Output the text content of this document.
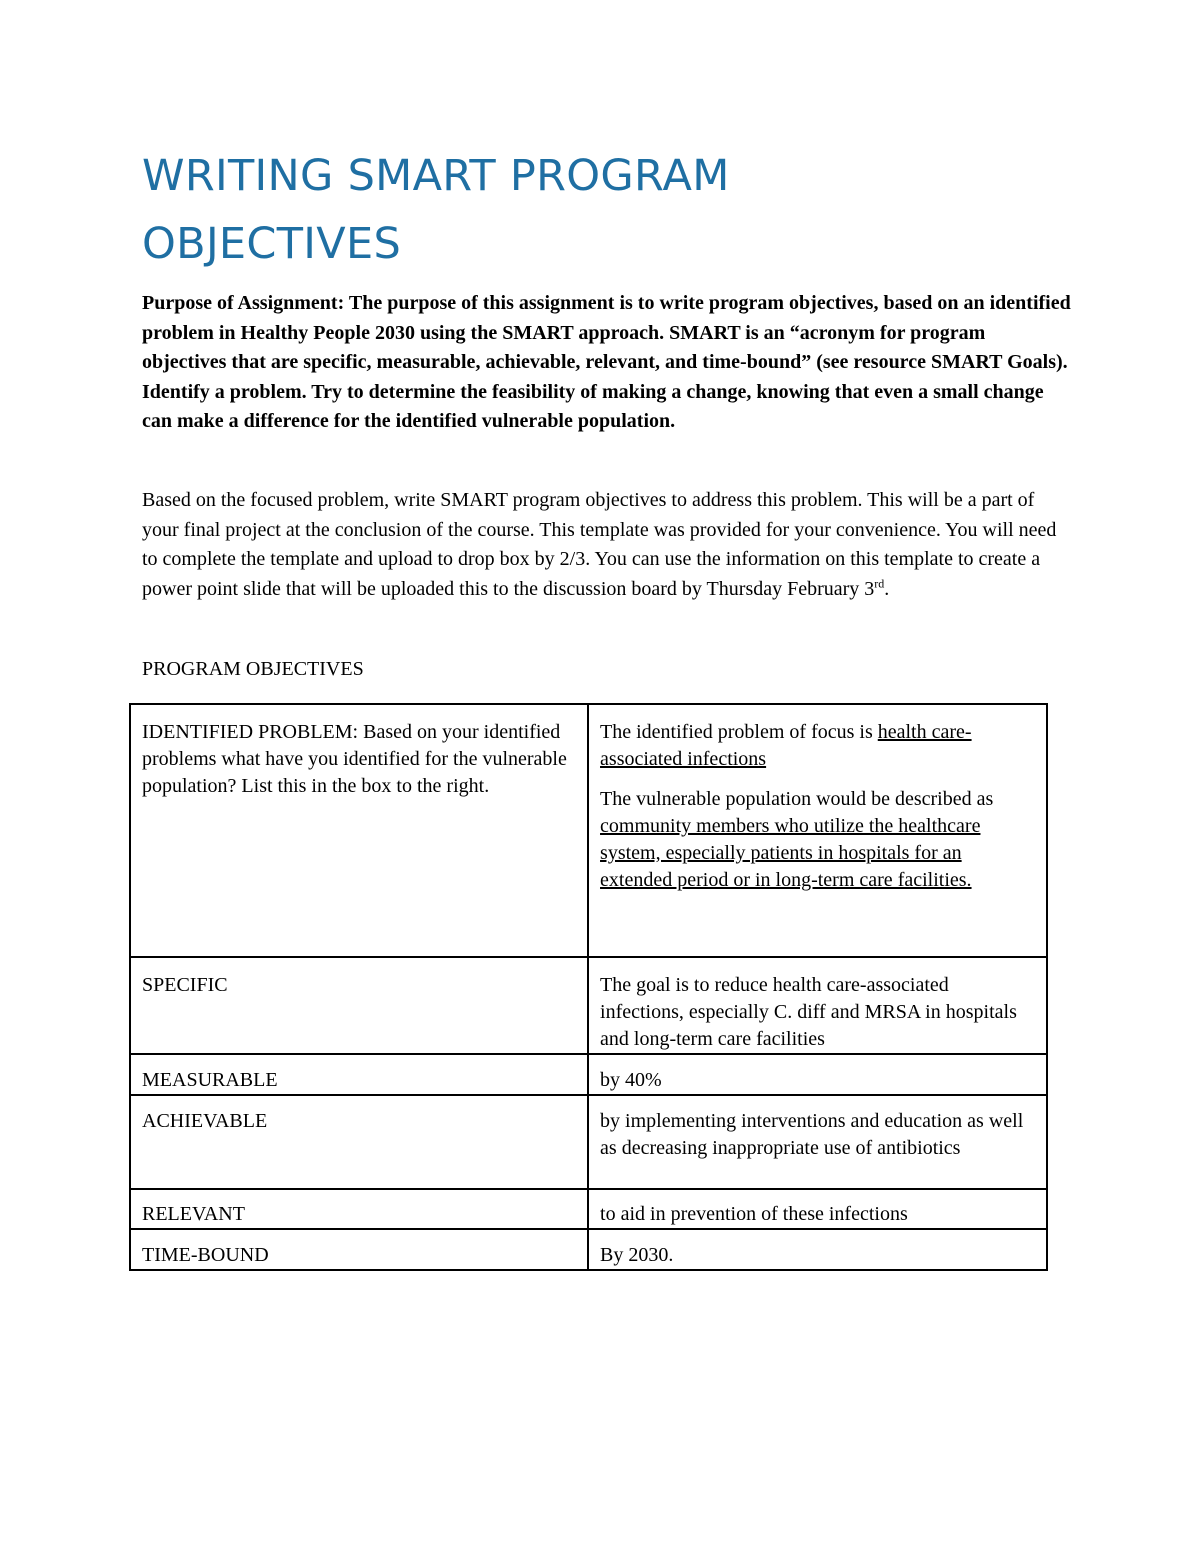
WRITING SMART PROGRAM
OBJECTIVES

Purpose of Assignment: The purpose of this assignment is to write program objectives, based on an identified problem in Healthy People 2030 using the SMART approach. SMART is an “acronym for program objectives that are specific, measurable, achievable, relevant, and time-bound” (see resource SMART Goals). Identify a problem. Try to determine the feasibility of making a change, knowing that even a small change can make a difference for the identified vulnerable population.

Based on the focused problem, write SMART program objectives to address this problem. This will be a part of your final project at the conclusion of the course. This template was provided for your convenience. You will need to complete the template and upload to drop box by 2/3. You can use the information on this template to create a power point slide that will be uploaded this to the discussion board by Thursday February 3rd.

PROGRAM OBJECTIVES

IDENTIFIED PROBLEM: Based on your identified problems what have you identified for the vulnerable population? List this in the box to the right.	The identified problem of focus is health care-associated infections

The vulnerable population would be described as community members who utilize the healthcare system, especially patients in hospitals for an extended period or in long-term care facilities.

SPECIFIC	The goal is to reduce health care-associated infections, especially C. diff and MRSA in hospitals and long-term care facilities
MEASURABLE	by 40%
ACHIEVABLE	by implementing interventions and education as well as decreasing inappropriate use of antibiotics
RELEVANT	to aid in prevention of these infections
TIME-BOUND	By 2030.
